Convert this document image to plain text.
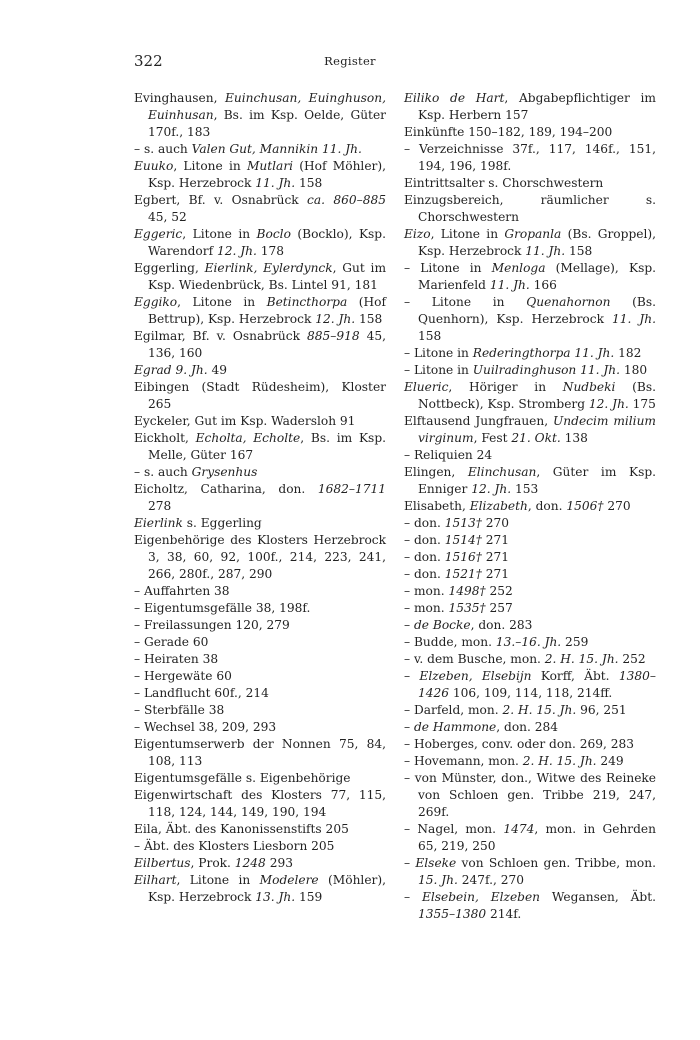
322	Register

Evinghausen, Euinchusan, Euinghuson, Euinhusan, Bs. im Ksp. Oelde, Güter 170f., 183

– s. auch Valen Gut, Mannikin 11. Jh.

Euuko, Litone in Mutlari (Hof Möhler), Ksp. Herzebrock 11. Jh. 158

Egbert, Bf. v. Osnabrück ca. 860–885 45, 52

Eggeric, Litone in Boclo (Bocklo), Ksp. Warendorf 12. Jh. 178

Eggerling, Eierlink, Eylerdynck, Gut im Ksp. Wiedenbrück, Bs. Lintel 91, 181

Eggiko, Litone in Betincthorpa (Hof Bettrup), Ksp. Herzebrock 12. Jh. 158

Egilmar, Bf. v. Osnabrück 885–918 45, 136, 160

Egrad 9. Jh. 49

Eibingen (Stadt Rüdesheim), Kloster 265

Eyckeler, Gut im Ksp. Wadersloh 91

Eickholt, Echolta, Echolte, Bs. im Ksp. Melle, Güter 167

– s. auch Grysenhus

Eicholtz, Catharina, don. 1682–1711 278

Eierlink s. Eggerling

Eigenbehörige des Klosters Herzebrock 3, 38, 60, 92, 100f., 214, 223, 241, 266, 280f., 287, 290

– Auffahrten 38

– Eigentumsgefälle 38, 198f.

– Freilassungen 120, 279

– Gerade 60

– Heiraten 38

– Hergewäte 60

– Landflucht 60f., 214

– Sterbfälle 38

– Wechsel 38, 209, 293

Eigentumserwerb der Nonnen 75, 84, 108, 113

Eigentumsgefälle s. Eigenbehörige

Eigenwirtschaft des Klosters 77, 115, 118, 124, 144, 149, 190, 194

Eila, Äbt. des Kanonissenstifts 205

– Äbt. des Klosters Liesborn 205

Eilbertus, Prok. 1248 293

Eilhart, Litone in Modelere (Möhler), Ksp. Herzebrock 13. Jh. 159

Eiliko de Hart, Abgabepflichtiger im Ksp. Herbern 157

Einkünfte 150–182, 189, 194–200

– Verzeichnisse 37f., 117, 146f., 151, 194, 196, 198f.

Eintrittsalter s. Chorschwestern

Einzugsbereich, räumlicher s. Chorschwestern

Eizo, Litone in Gropanla (Bs. Groppel), Ksp. Herzebrock 11. Jh. 158

– Litone in Menloga (Mellage), Ksp. Marienfeld 11. Jh. 166

– Litone in Quenahornon (Bs. Quenhorn), Ksp. Herzebrock 11. Jh. 158

– Litone in Rederingthorpa 11. Jh. 182

– Litone in Uuilradinghuson 11. Jh. 180

Elueric, Höriger in Nudbeki (Bs. Nottbeck), Ksp. Stromberg 12. Jh. 175

Elftausend Jungfrauen, Undecim milium virginum, Fest 21. Okt. 138

– Reliquien 24

Elingen, Elinchusan, Güter im Ksp. Enniger 12. Jh. 153

Elisabeth, Elizabeth, don. 1506† 270

– don. 1513† 270

– don. 1514† 271

– don. 1516† 271

– don. 1521† 271

– mon. 1498† 252

– mon. 1535† 257

– de Bocke, don. 283

– Budde, mon. 13.–16. Jh. 259

– v. dem Busche, mon. 2. H. 15. Jh. 252

– Elzeben, Elsebijn Korff, Äbt. 1380–1426 106, 109, 114, 118, 214ff.

– Darfeld, mon. 2. H. 15. Jh. 96, 251

– de Hammone, don. 284

– Hoberges, conv. oder don. 269, 283

– Hovemann, mon. 2. H. 15. Jh. 249

– von Münster, don., Witwe des Reineke von Schloen gen. Tribbe 219, 247, 269f.

– Nagel, mon. 1474, mon. in Gehrden 65, 219, 250

– Elseke von Schloen gen. Tribbe, mon. 15. Jh. 247f., 270

– Elsebein, Elzeben Wegansen, Äbt. 1355–1380 214f.
